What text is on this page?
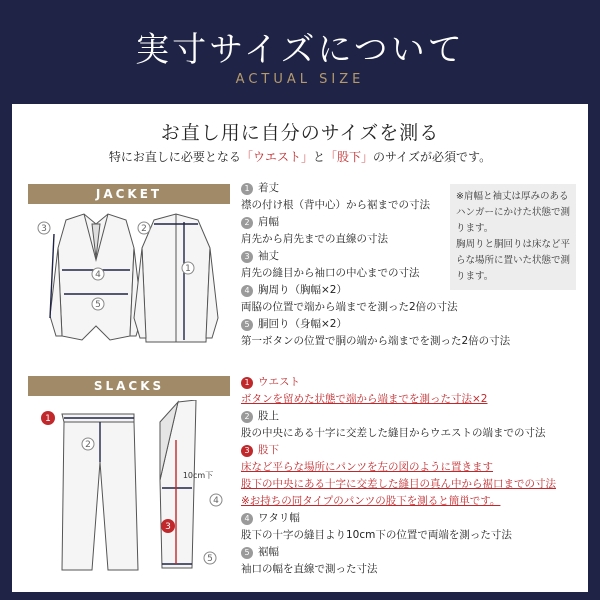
実寸サイズについて
ACTUAL SIZE
お直し用に自分のサイズを測る
特にお直しに必要となる「ウエスト」と「股下」のサイズが必須です。
JACKET
3	2
4
5
1
1 着丈
襟の付け根（背中心）から裾までの寸法
2 肩幅
肩先から肩先までの直線の寸法
3 袖丈
肩先の縫目から袖口の中心までの寸法
4 胸周り（胸幅×2）
両脇の位置で端から端までを測った2倍の寸法
5 胴回り（身幅×2）
第一ボタンの位置で胴の端から端までを測った2倍の寸法

※肩幅と袖丈は厚みのあるハンガーにかけた状態で測ります。

胸周りと胴回りは床など平らな場所に置いた状態で測ります。

SLACKS
1
2
3
4
5
10cm下
1 ウエスト
ボタンを留めた状態で端から端までを測った寸法×2
2 股上
股の中央にある十字に交差した縫目からウエストの端までの寸法
3 股下
床など平らな場所にパンツを左の図のように置きます
股下の中央にある十字に交差した縫目の真ん中から裾口までの寸法
※お持ちの同タイプのパンツの股下を測ると簡単です。
4 ワタリ幅
股下の十字の縫目より10cm下の位置で両端を測った寸法
5 裾幅
袖口の幅を直線で測った寸法
